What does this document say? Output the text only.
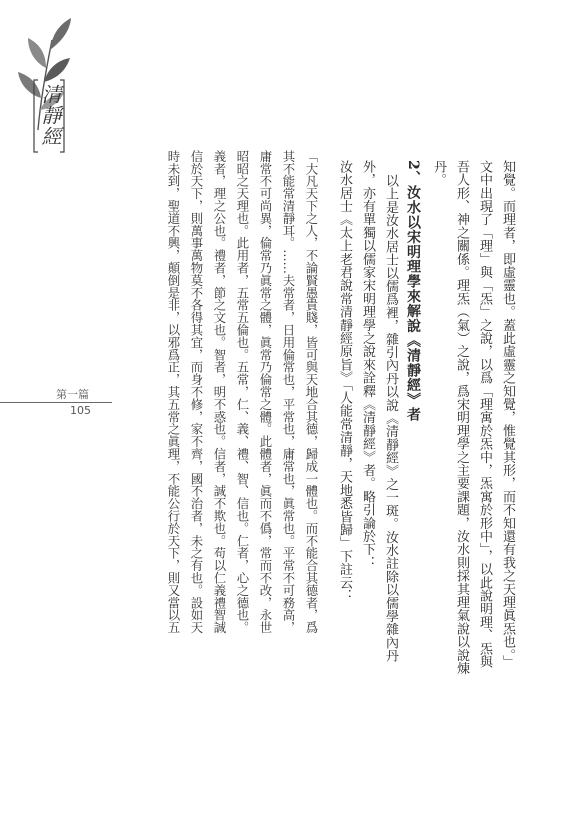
清靜經
第一篇
105	知覺。而理者，即虛靈也。蓋此虛靈之知覺，惟覺其形，而不知還有我之天理眞炁也。」
文中出現了「理」與「炁」之說，以爲「理寓於炁中，炁寓於形中」，以此說明理、炁與
吾人形、神之關係。理炁（氣）之說，爲宋明理學之主要課題，汝水則採其理氣說以說煉
丹。
2、汝水以宋明理學來解說《清靜經》者
以上是汝水居士以儒爲裡，雜引內丹以說《清靜經》之一斑。汝水註除以儒學雜內丹
外，亦有單獨以儒家宋明理學之說來詮釋《清靜經》者。略引論於下：
汝水居士《太上老君說常清靜經原旨》「人能常清靜，天地悉皆歸」下註云：
「大凡天下之人，不論賢愚貴賤，皆可與天地合其德，歸成一體也。而不能合其德者，爲
其不能常清靜耳。……夫常者，日用倫常也，平常也，庸常也，眞常也。平常不可務高，
庸常不可尚異，倫常乃眞常之體，眞常乃倫常之體。此體者，眞而不僞，常而不改，永世
昭昭之天理也。此用者，五常五倫也。五常，仁、義、禮、智、信也。仁者，心之德也。
義者，理之公也。禮者，節之文也。智者，明不惑也。信者，誠不欺也。苟以仁義禮智誠
信於天下，則萬事萬物莫不各得其宜，而身不修，家不齊，國不治者，未之有也。設如天
時未到，聖道不興，顛倒是非，以邪爲正，其五常之眞理，不能公行於天下，則又當以五
